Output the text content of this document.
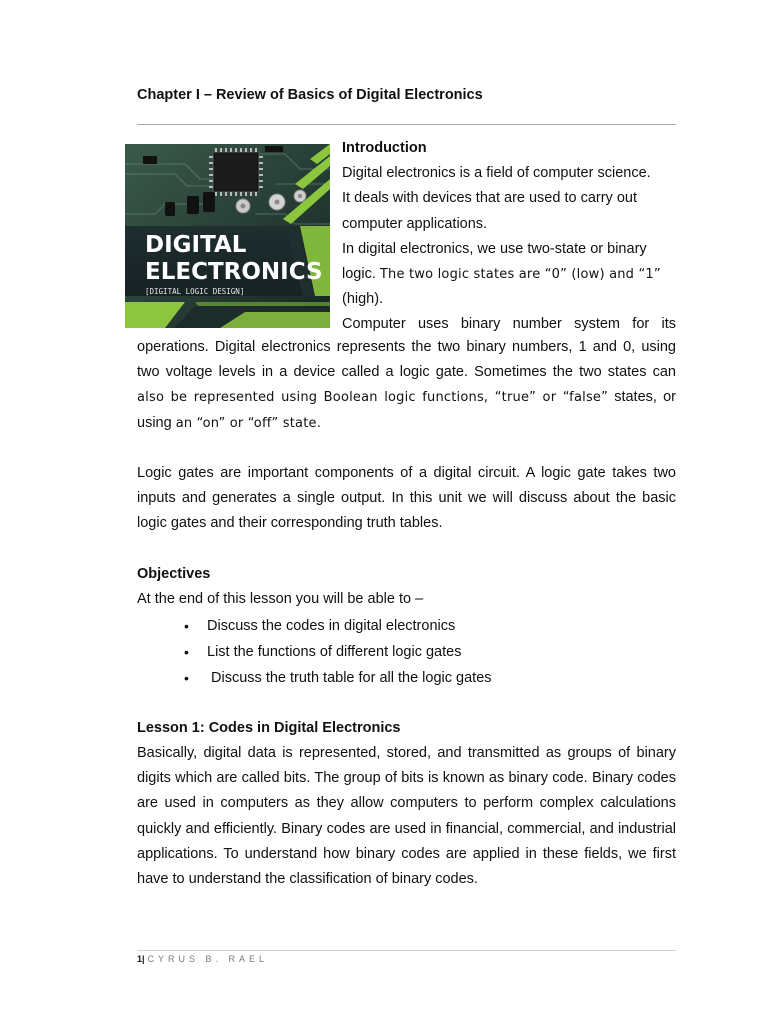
Chapter I – Review of Basics of Digital Electronics
DIGITAL
ELECTRONICS
[DIGITAL LOGIC DESIGN]

Introduction

Digital electronics is a field of computer science.

It deals with devices that are used to carry out

computer applications.

In digital electronics, we use two-state or binary

logic. The two logic states are “0” (low) and “1”

(high).

Computer uses binary number system for its

operations. Digital electronics represents the two binary numbers, 1 and 0, using two voltage levels in a device called a logic gate. Sometimes the two states can also be represented using Boolean logic functions, “true” or “false” states, or using an “on” or “off” state.

Logic gates are important components of a digital circuit. A logic gate takes two inputs and generates a single output. In this unit we will discuss about the basic logic gates and their corresponding truth tables.

Objectives

At the end of this lesson you will be able to –

• Discuss the codes in digital electronics
• List the functions of different logic gates
• Discuss the truth table for all the logic gates

Lesson 1: Codes in Digital Electronics

Basically, digital data is represented, stored, and transmitted as groups of binary digits which are called bits. The group of bits is known as binary code. Binary codes are used in computers as they allow computers to perform complex calculations quickly and efficiently. Binary codes are used in financial, commercial, and industrial applications. To understand how binary codes are applied in these fields, we first have to understand the classification of binary codes.

1| CYRUS B. RAEL
